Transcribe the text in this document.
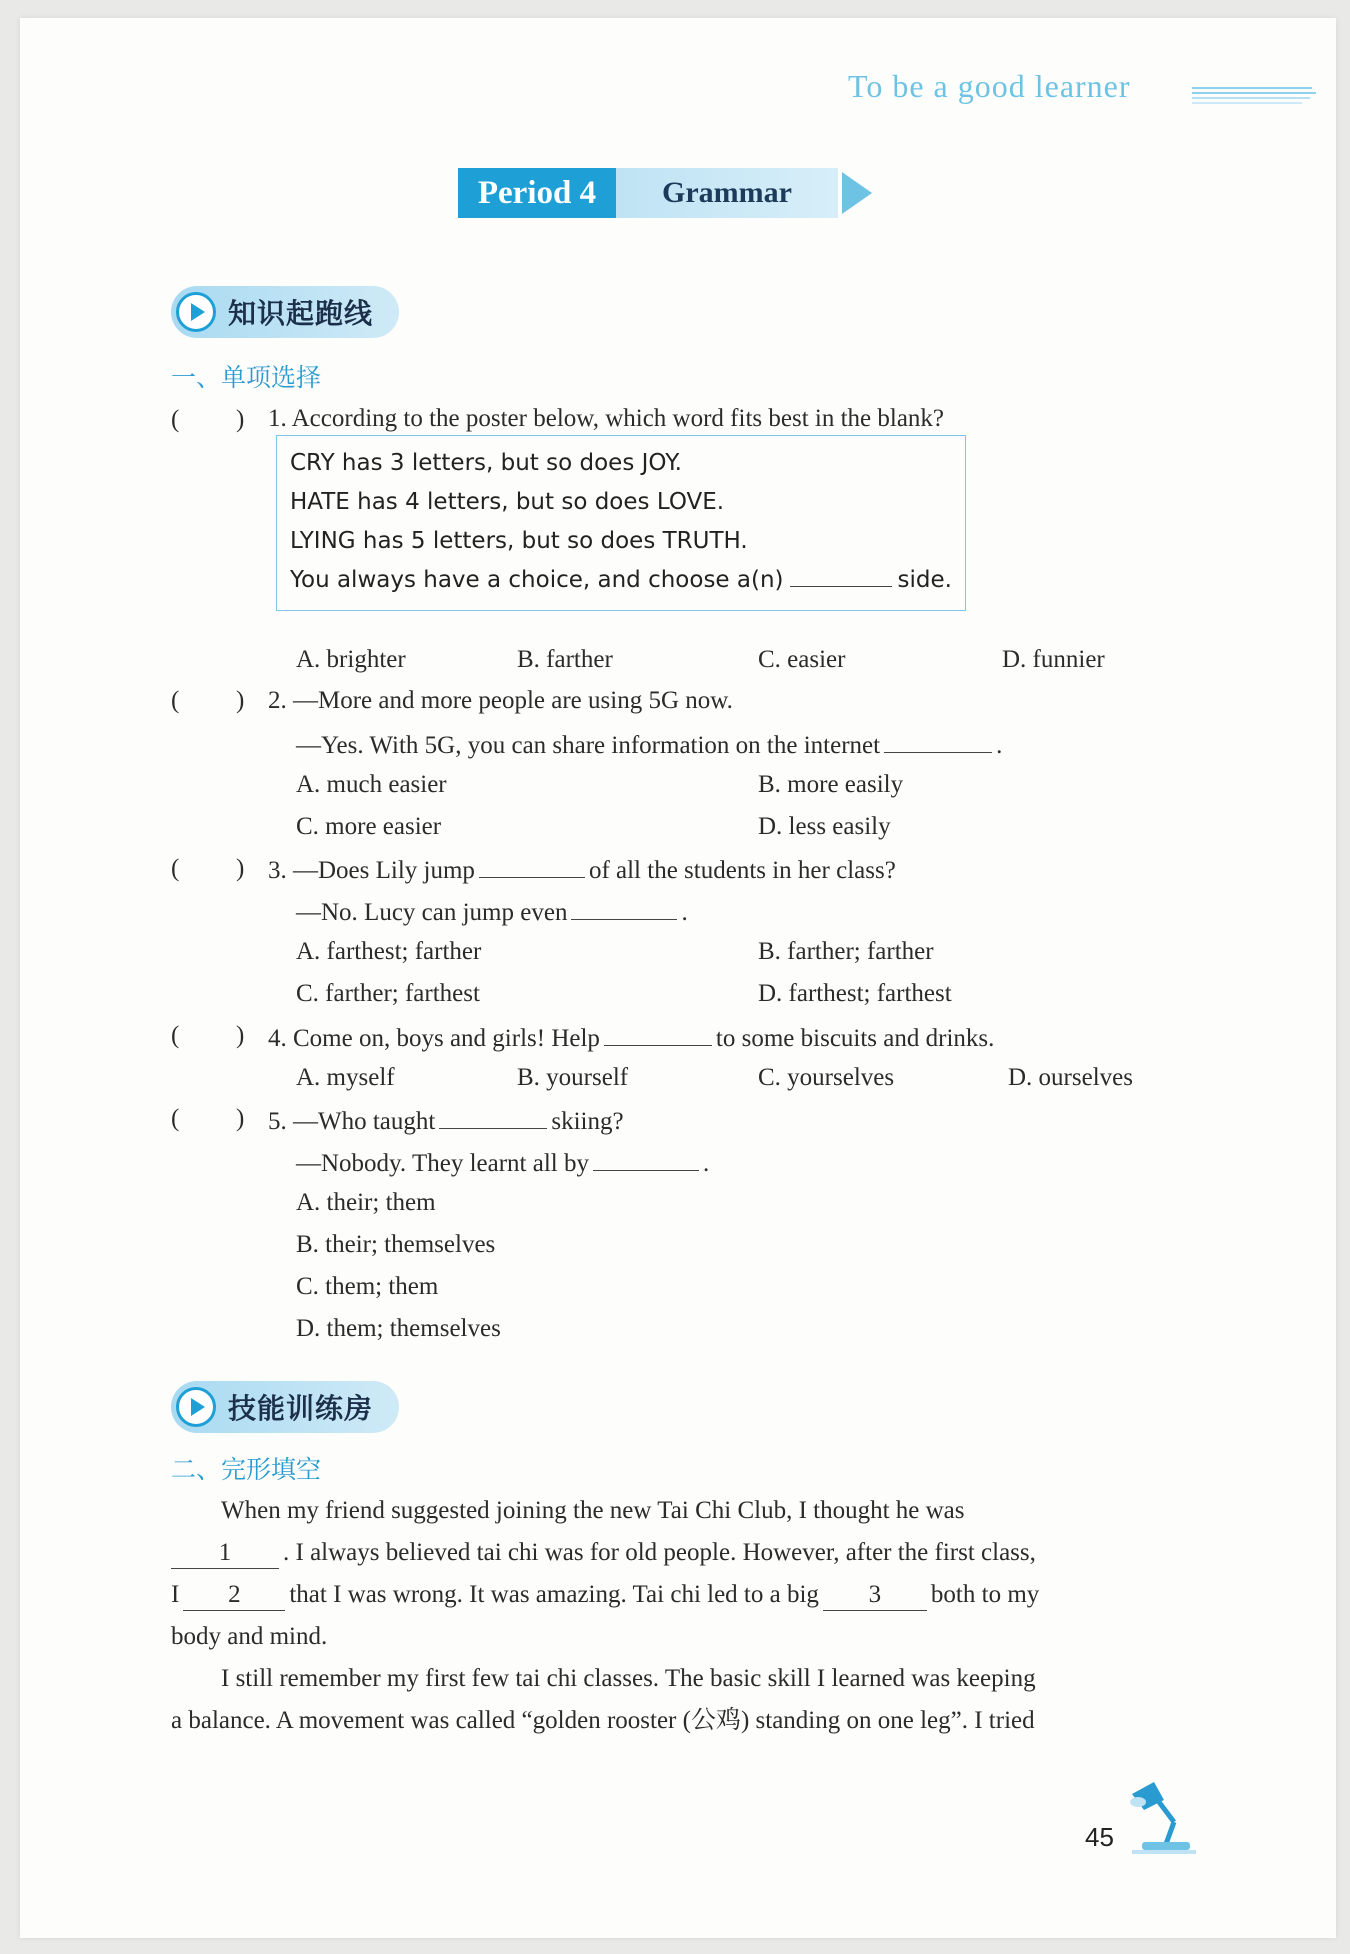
To be a good learner
Period 4	Grammar
知识起跑线
一、单项选择
( ) 1. According to the poster below, which word fits best in the blank?
CRY has 3 letters, but so does JOY.
HATE has 4 letters, but so does LOVE.
LYING has 5 letters, but so does TRUTH.
You always have a choice, and choose a(n)	side.
A. brighter	B. farther	C. easier	D. funnier
( ) 2. —More and more people are using 5G now.
—Yes. With 5G, you can share information on the internet	.
A. much easier	B. more easily
C. more easier	D. less easily
( ) 3. —Does Lily jump	of all the students in her class?
—No. Lucy can jump even	.
A. farthest; farther	B. farther; farther
C. farther; farthest	D. farthest; farthest
( ) 4. Come on, boys and girls! Help	to some biscuits and drinks.
A. myself	B. yourself	C. yourselves	D. ourselves
( ) 5. —Who taught	skiing?
—Nobody. They learnt all by	.
A. their; them
B. their; themselves
C. them; them
D. them; themselves
技能训练房
二、完形填空
When my friend suggested joining the new Tai Chi Club, I thought he was
1 . I always believed tai chi was for old people. However, after the first class,
I 2 that I was wrong. It was amazing. Tai chi led to a big 3 both to my
body and mind.
I still remember my first few tai chi classes. The basic skill I learned was keeping
a balance. A movement was called “golden rooster (公鸡) standing on one leg”. I tried
45
